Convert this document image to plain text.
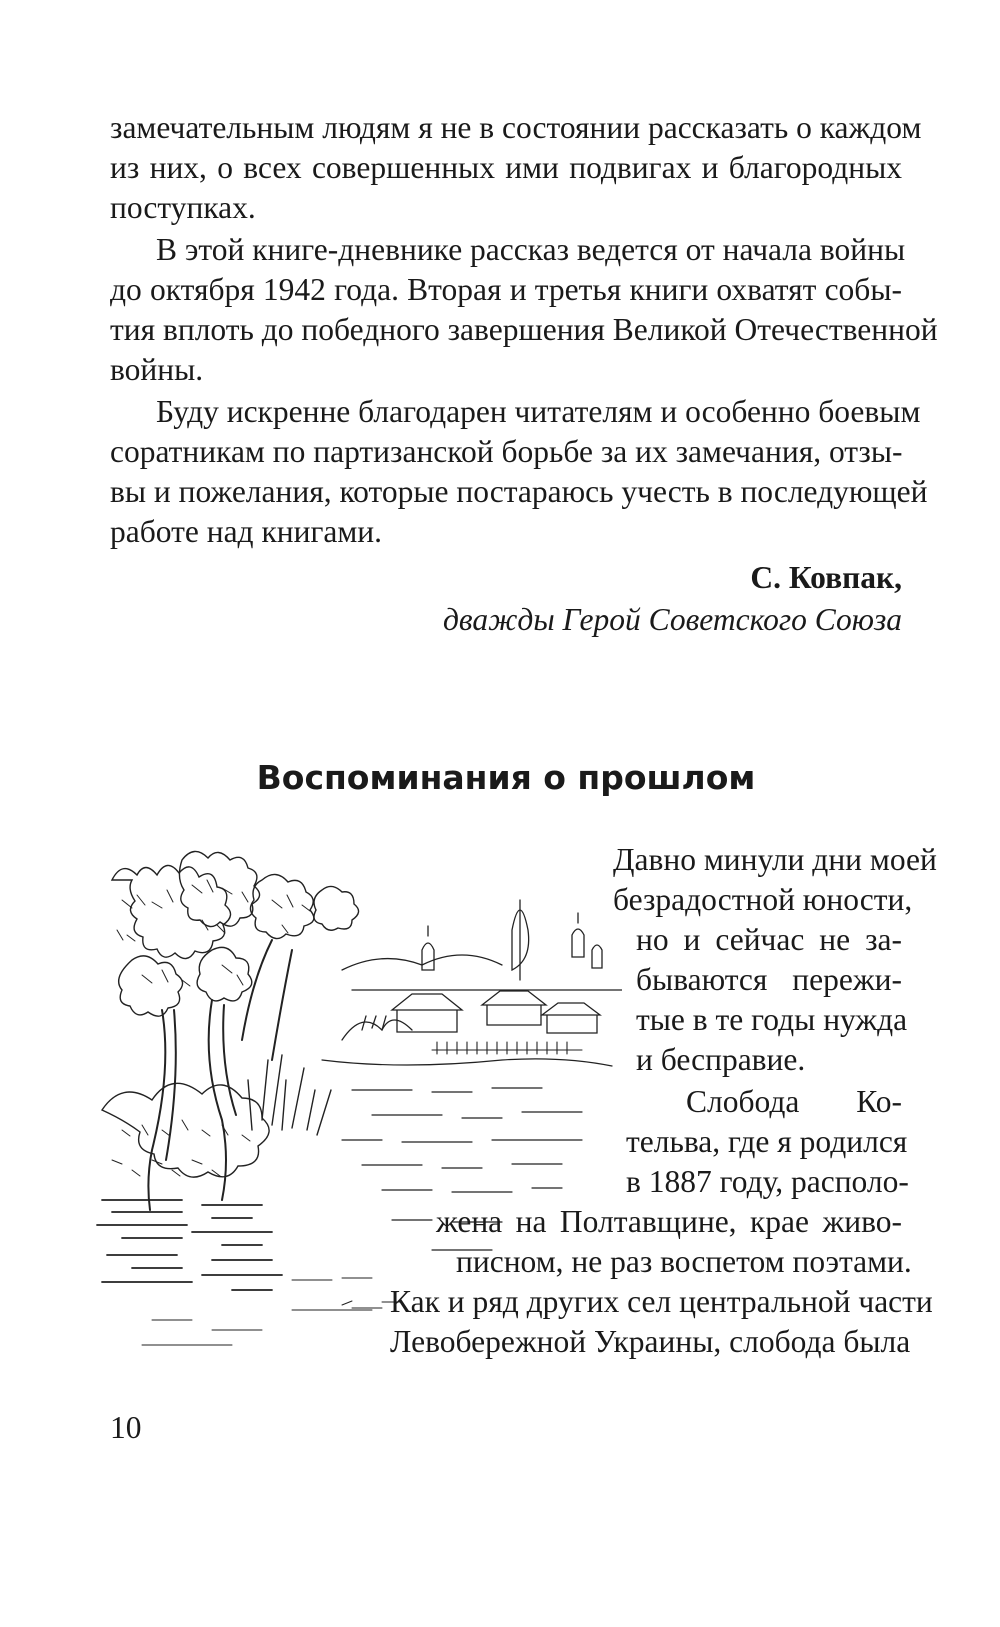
замечательным людям я не в состоянии рассказать о каждом
из них, о всех совершенных ими подвигах и благородных
поступках.
В этой книге-дневнике рассказ ведется от начала войны
до октября 1942 года. Вторая и третья книги охватят собы-
тия вплоть до победного завершения Великой Отечественной
войны.
Буду искренне благодарен читателям и особенно боевым
соратникам по партизанской борьбе за их замечания, отзы-
вы и пожелания, которые постараюсь учесть в последующей
работе над книгами.
С. Ковпак,
дважды Герой Советского Союза
Воспоминания о прошлом
Давно минули дни моей
безрадостной юности,
но и сейчас не за-
бываются пережи-
тые в те годы нужда
и бесправие.
Слобода Ко-
тельва, где я родился
в 1887 году, располо-
жена на Полтавщине, крае живо-
писном, не раз воспетом поэтами.
Как и ряд других сел центральной части
Левобережной Украины, слобода была
10
